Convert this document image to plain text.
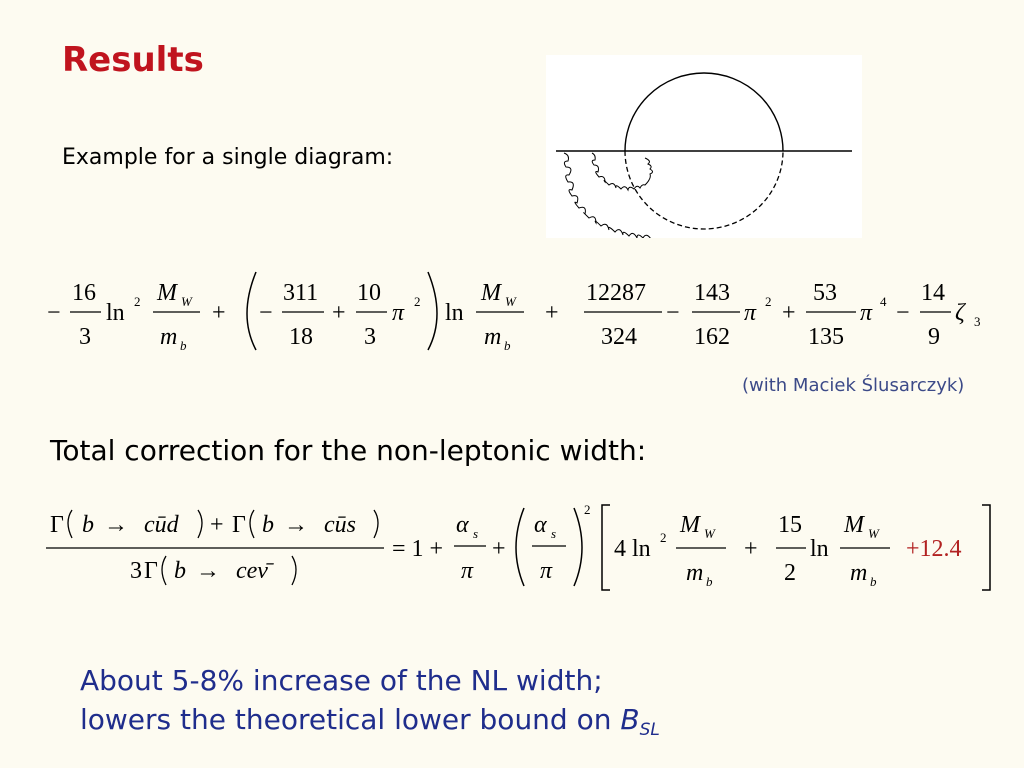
Results
Example for a single diagram:
−
16
3
ln 2 M W
m b
+ −
311
18
+
10
3
π 2 ln
M W
m b
+
12287
324
−
143
162
π 2 +
53
135
π 4 −
14
9
ζ 3
(with Maciek Ślusarczyk)
Total correction for the non-leptonic width:
Γ b → cūd + Γ b → cūs
3 Γ b → ceν̄
= 1 +
α s
π
+
α s
π
2
4 ln 2 M W
m b
+
15
2
ln
M W
m b
+12.4
About 5-8% increase of the NL width;
lowers the theoretical lower bound on $B_{SL}$
